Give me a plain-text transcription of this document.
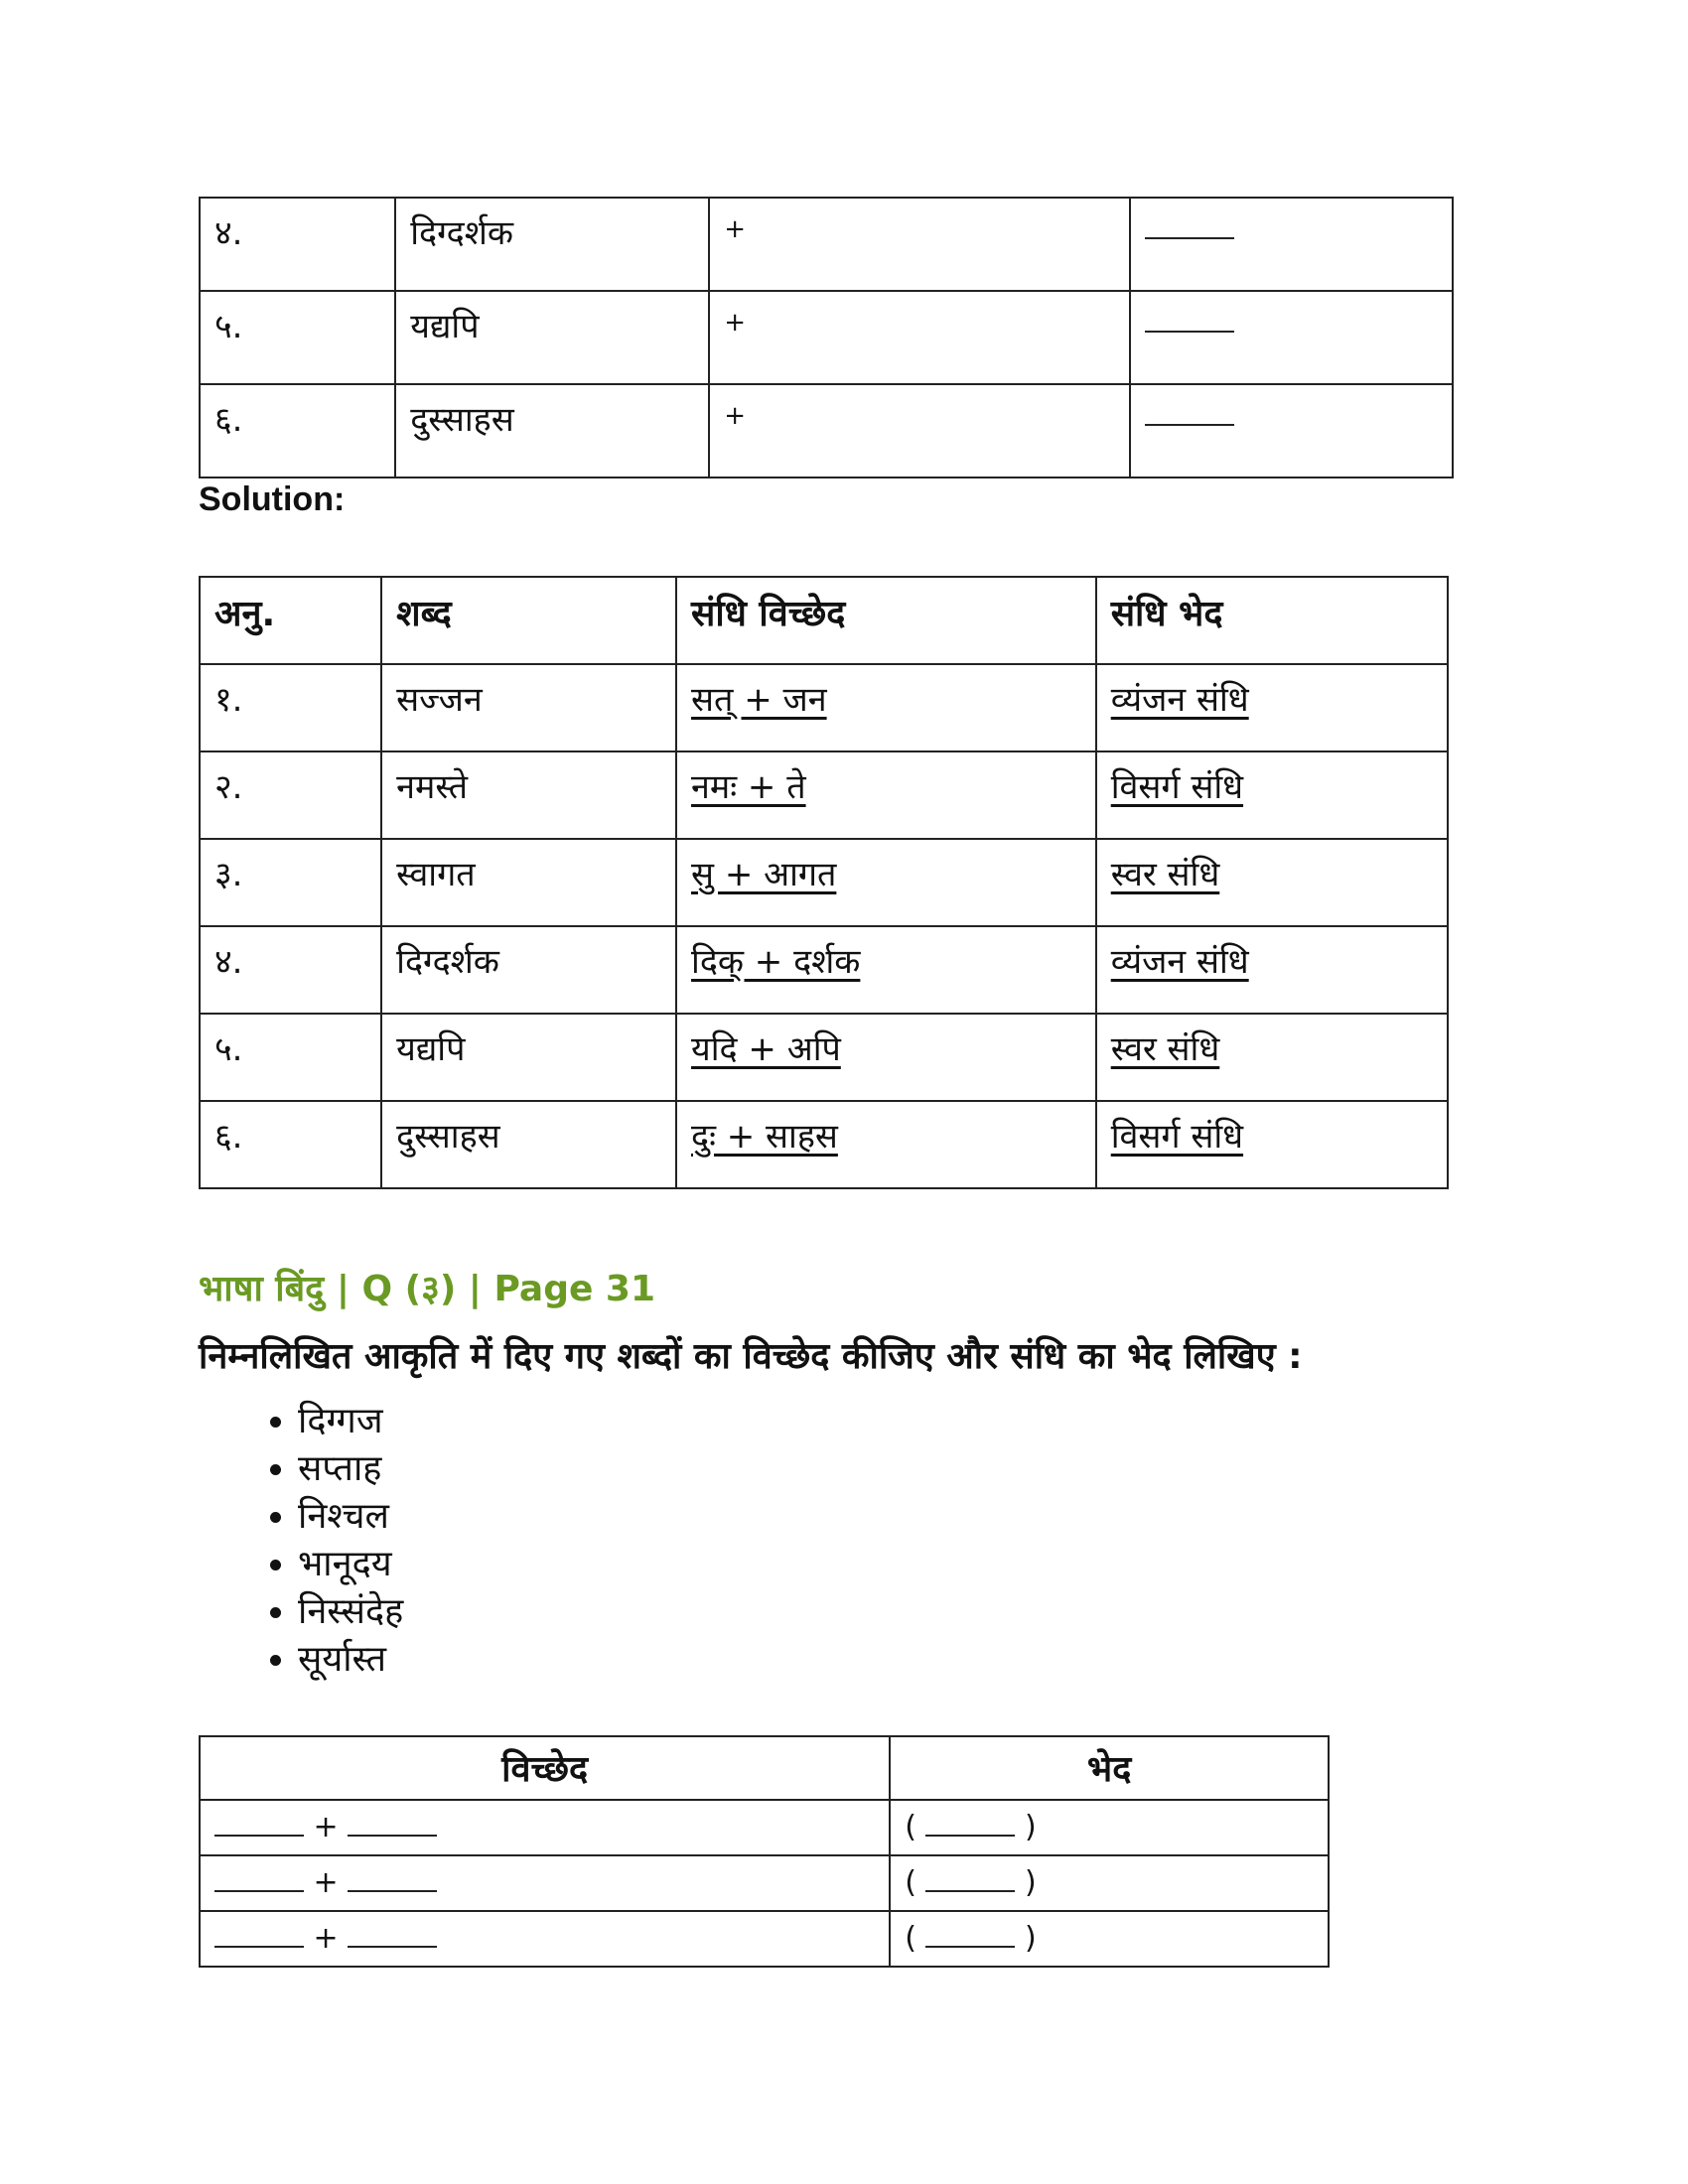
४.	दिग्दर्शक	+	
५.	यद्यपि	+	
६.	दुस्साहस	+	
Solution:
अनु.	शब्द	संधि विच्छेद	संधि भेद
१.	सज्जन	सत् + जन	व्यंजन संधि
२.	नमस्ते	नमः + ते	विसर्ग संधि
३.	स्वागत	सु + आगत	स्वर संधि
४.	दिग्दर्शक	दिक् + दर्शक	व्यंजन संधि
५.	यद्यपि	यदि + अपि	स्वर संधि
६.	दुस्साहस	दुः + साहस	विसर्ग संधि
भाषा बिंदु | Q (३) | Page 31
निम्नलिखित आकृति में दिए गए शब्दों का विच्छेद कीजिए और संधि का भेद लिखिए :
• दिग्गज
• सप्ताह
• निश्चल
• भानूदय
• निस्संदेह
• सूर्यास्त
विच्छेद	भेद
+	( )
+	( )
+	( )
